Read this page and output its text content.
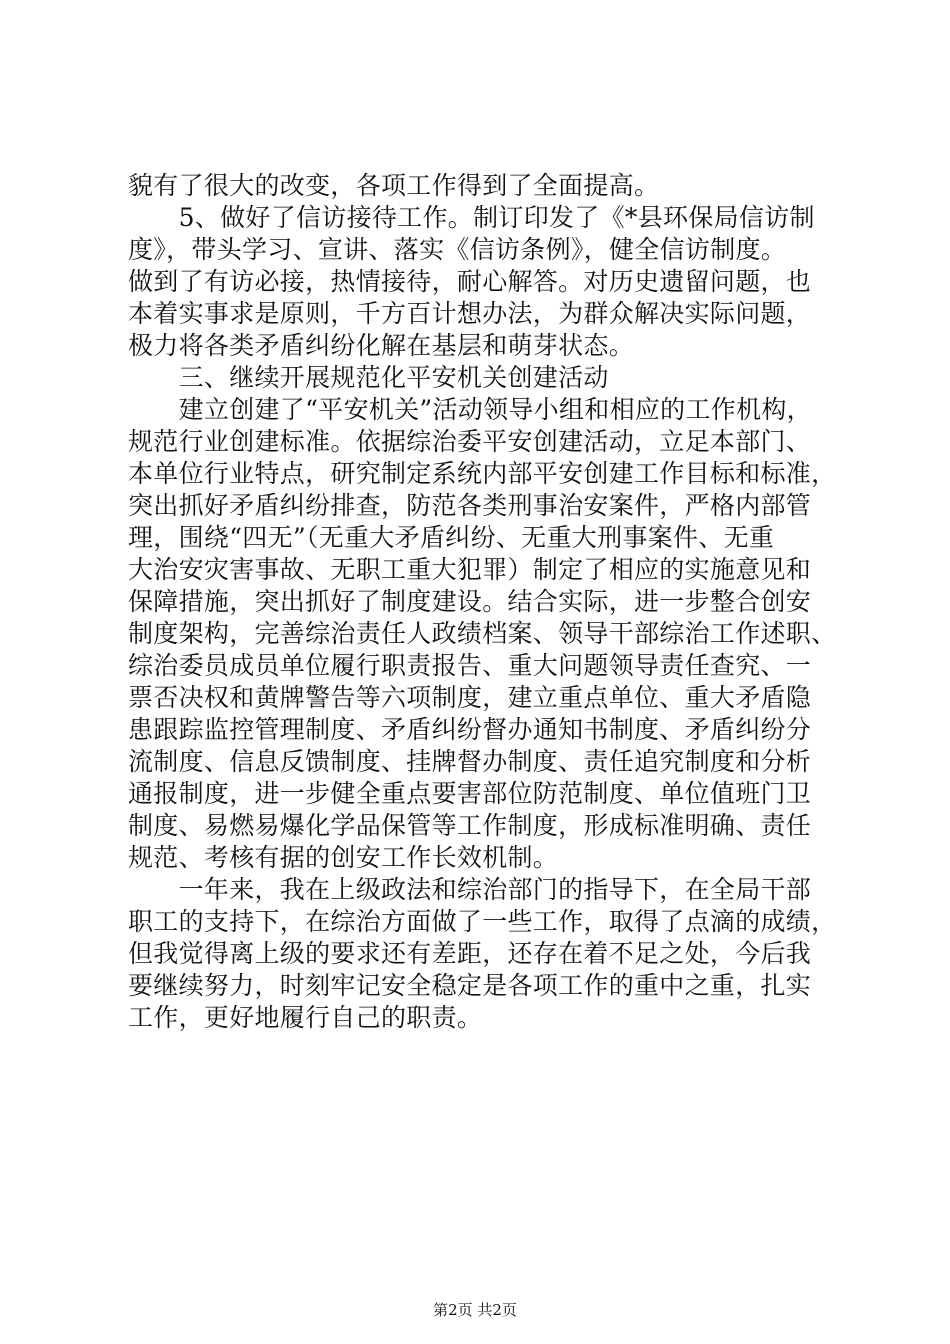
貌有了很大的改变，各项工作得到了全面提高。
　　5、做好了信访接待工作。制订印发了《*县环保局信访制
度》，带头学习、宣讲、落实《信访条例》，健全信访制度。
做到了有访必接，热情接待，耐心解答。对历史遗留问题，也
本着实事求是原则，千方百计想办法，为群众解决实际问题，
极力将各类矛盾纠纷化解在基层和萌芽状态。
　　三、继续开展规范化平安机关创建活动
　　建立创建了“平安机关”活动领导小组和相应的工作机构，
规范行业创建标准。依据综治委平安创建活动，立足本部门、
本单位行业特点，研究制定系统内部平安创建工作目标和标准，
突出抓好矛盾纠纷排查，防范各类刑事治安案件，严格内部管
理，围绕“四无”（无重大矛盾纠纷、无重大刑事案件、无重
大治安灾害事故、无职工重大犯罪）制定了相应的实施意见和
保障措施，突出抓好了制度建设。结合实际，进一步整合创安
制度架构，完善综治责任人政绩档案、领导干部综治工作述职、
综治委员成员单位履行职责报告、重大问题领导责任查究、一
票否决权和黄牌警告等六项制度，建立重点单位、重大矛盾隐
患跟踪监控管理制度、矛盾纠纷督办通知书制度、矛盾纠纷分
流制度、信息反馈制度、挂牌督办制度、责任追究制度和分析
通报制度，进一步健全重点要害部位防范制度、单位值班门卫
制度、易燃易爆化学品保管等工作制度，形成标准明确、责任
规范、考核有据的创安工作长效机制。
　　一年来，我在上级政法和综治部门的指导下，在全局干部
职工的支持下，在综治方面做了一些工作，取得了点滴的成绩，
但我觉得离上级的要求还有差距，还存在着不足之处，今后我
要继续努力，时刻牢记安全稳定是各项工作的重中之重，扎实
工作，更好地履行自己的职责。
第2页 共2页
